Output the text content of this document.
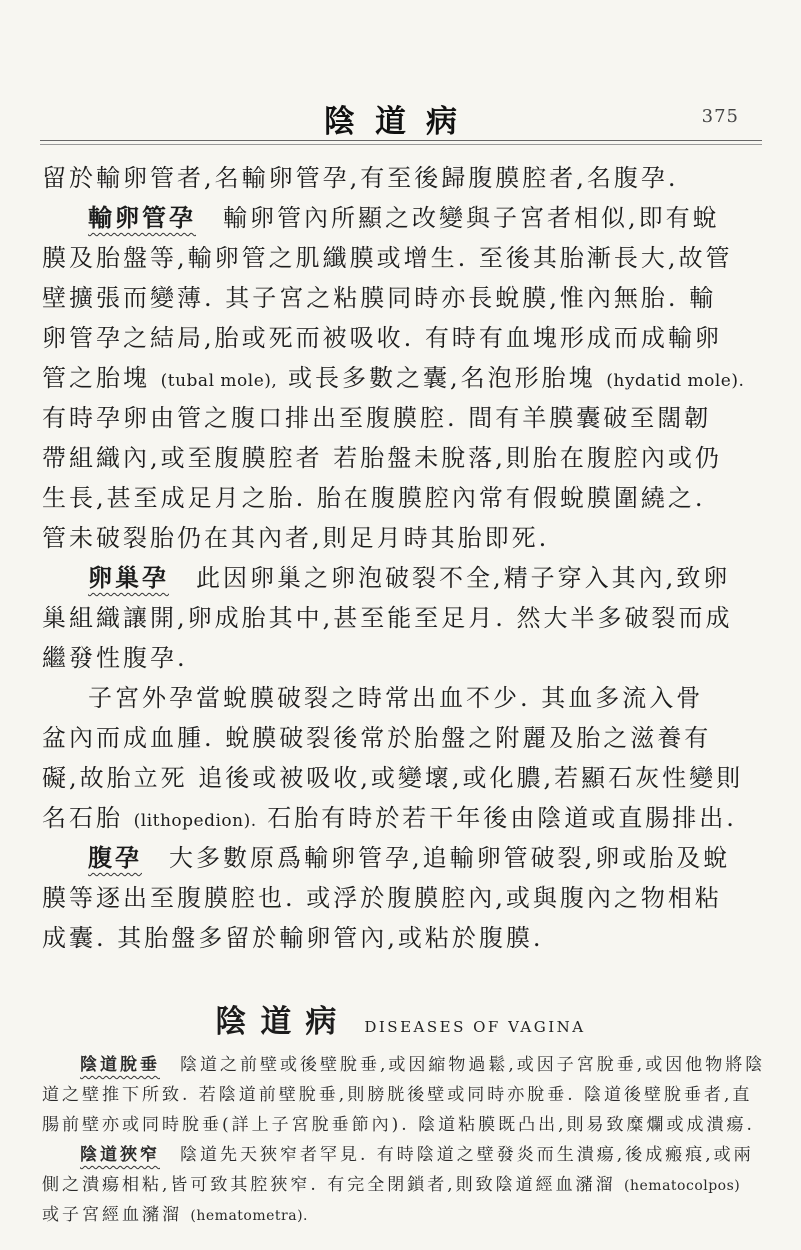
陰道病	375
留於輸卵管者,名輸卵管孕,有至後歸腹膜腔者,名腹孕.
輸卵管孕　 輸卵管內所顯之改變與子宮者相似,即有蛻
膜及胎盤等,輸卵管之肌纖膜或增生. 至後其胎漸長大,故管
壁擴張而變薄. 其子宮之粘膜同時亦長蛻膜,惟內無胎. 輸
卵管孕之結局,胎或死而被吸收. 有時有血塊形成而成輸卵
管之胎塊 (tubal mole), 或長多數之囊,名泡形胎塊 (hydatid mole).
有時孕卵由管之腹口排出至腹膜腔. 間有羊膜囊破至闊韌
帶組織內,或至腹膜腔者 若胎盤未脫落,則胎在腹腔內或仍
生長,甚至成足月之胎. 胎在腹膜腔內常有假蛻膜圍繞之.
管未破裂胎仍在其內者,則足月時其胎即死.
卵巢孕　 此因卵巢之卵泡破裂不全,精子穿入其內,致卵
巢組織讓開,卵成胎其中,甚至能至足月. 然大半多破裂而成
繼發性腹孕.
子宮外孕當蛻膜破裂之時常出血不少. 其血多流入骨
盆內而成血腫. 蛻膜破裂後常於胎盤之附麗及胎之滋養有
礙,故胎立死 追後或被吸收,或變壞,或化膿,若顯石灰性變則
名石胎 (lithopedion). 石胎有時於若干年後由陰道或直腸排出.
腹孕　 大多數原爲輸卵管孕,追輸卵管破裂,卵或胎及蛻
膜等逐出至腹膜腔也. 或浮於腹膜腔內,或與腹內之物相粘
成囊. 其胎盤多留於輸卵管內,或粘於腹膜.
陰道病 DISEASES OF VAGINA
陰道脫垂　 陰道之前壁或後壁脫垂,或因縮物過鬆,或因子宮脫垂,或因他物將陰
道之壁推下所致. 若陰道前壁脫垂,則膀胱後壁或同時亦脫垂. 陰道後壁脫垂者,直
腸前壁亦或同時脫垂(詳上子宮脫垂節內). 陰道粘膜既凸出,則易致糜爛或成潰瘍.
陰道狹窄　 陰道先天狹窄者罕見. 有時陰道之壁發炎而生潰瘍,後成瘢痕,或兩
側之潰瘍相粘,皆可致其腔狹窄. 有完全閉鎖者,則致陰道經血瀦溜 (hematocolpos)
或子宮經血瀦溜 (hematometra).
